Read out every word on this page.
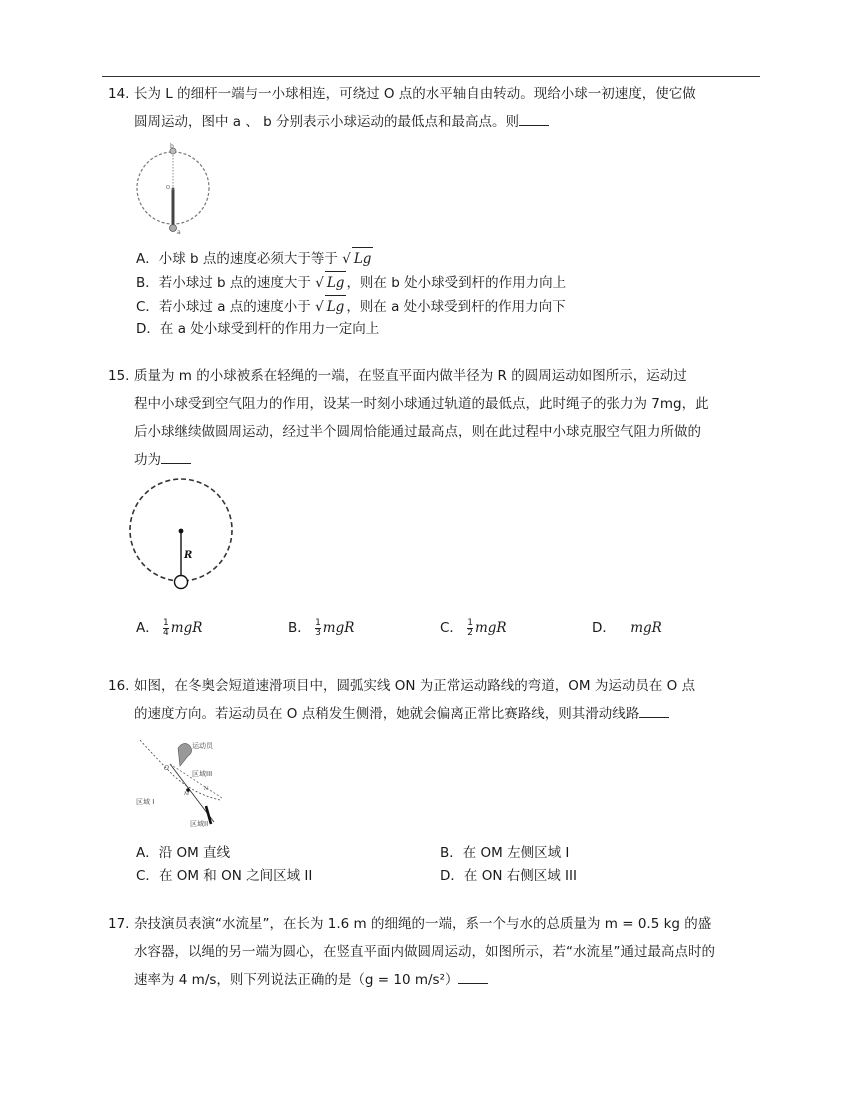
14. 长为 L 的细杆一端与一小球相连，可绕过 O 点的水平轴自由转动。现给小球一初速度，使它做
圆周运动，图中 a 、 b 分别表示小球运动的最低点和最高点。则
b
O
a
A．小球 b 点的速度必须大于等于 √ Lg
B．若小球过 b 点的速度大于 √ Lg ，则在 b 处小球受到杆的作用力向上
C．若小球过 a 点的速度小于 √ Lg ，则在 a 处小球受到杆的作用力向下
D．在 a 处小球受到杆的作用力一定向上
15. 质量为 m 的小球被系在轻绳的一端，在竖直平面内做半径为 R 的圆周运动如图所示，运动过
程中小球受到空气阻力的作用，设某一时刻小球通过轨道的最低点，此时绳子的张力为 7mg，此
后小球继续做圆周运动，经过半个圆周恰能通过最高点，则在此过程中小球克服空气阻力所做的
功为
R
A． $\frac{1}{4}$ mgR	B． $\frac{1}{3}$ mgR	C． $\frac{1}{2}$ mgR	D． mgR
16. 如图，在冬奥会短道速滑项目中，圆弧实线 ON 为正常运动路线的弯道，OM 为运动员在 O 点
的速度方向。若运动员在 O 点稍发生侧滑，她就会偏离正常比赛路线，则其滑动线路
运动员
O
区域III
N
M
区域 I
区域II
A．沿 OM 直线	B．在 OM 左侧区域 I
C．在 OM 和 ON 之间区域 II	D．在 ON 右侧区域 III
17. 杂技演员表演“水流星”，在长为 1.6 m 的细绳的一端，系一个与水的总质量为 m = 0.5 kg 的盛
水容器，以绳的另一端为圆心，在竖直平面内做圆周运动，如图所示，若“水流星”通过最高点时的
速率为 4 m/s，则下列说法正确的是（g = 10 m/s²）
